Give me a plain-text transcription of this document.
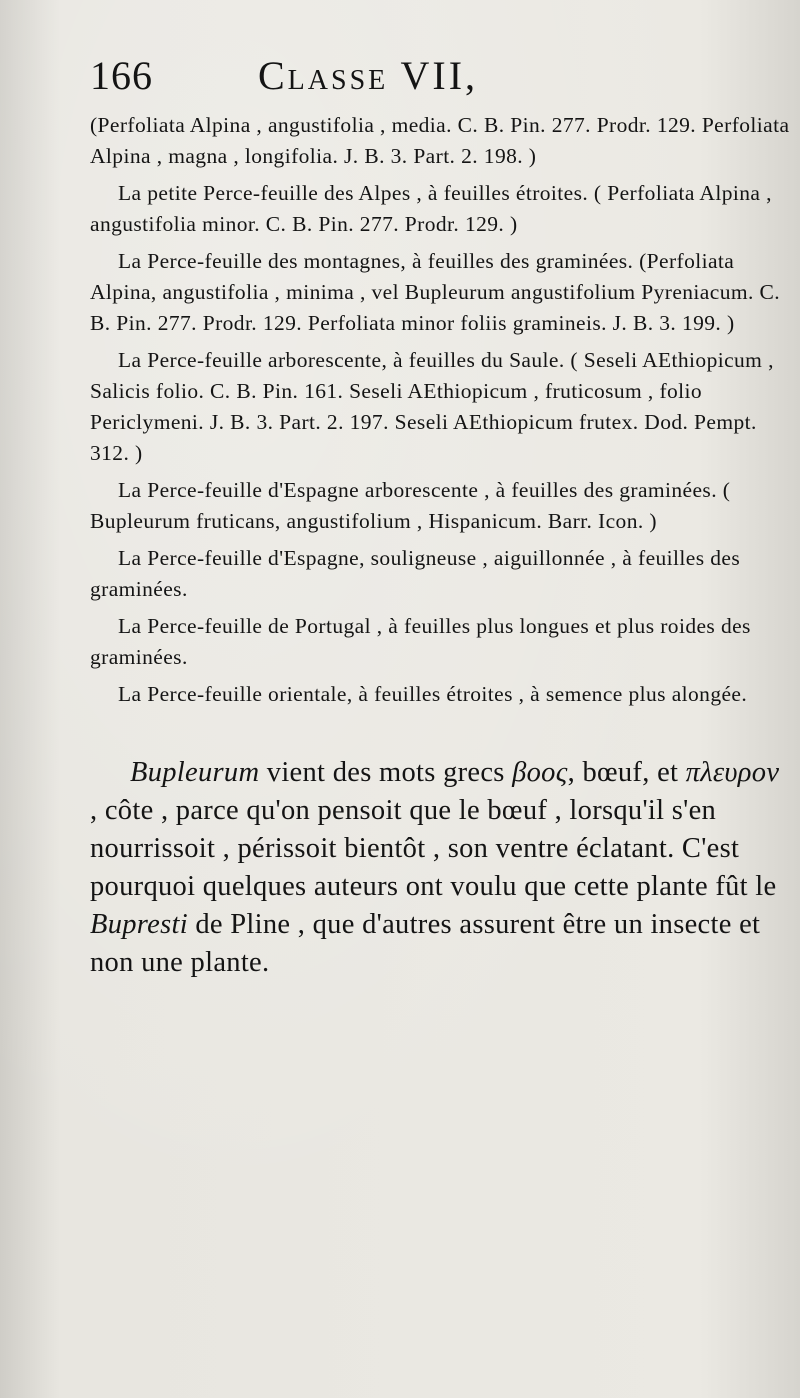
166	Classe VII,

(Perfoliata Alpina , angustifolia , media. C. B. Pin. 277. Prodr. 129. Perfoliata Alpina , magna , longifolia. J. B. 3. Part. 2. 198. )

La petite Perce-feuille des Alpes , à feuilles étroites. ( Perfoliata Alpina , angustifolia minor. C. B. Pin. 277. Prodr. 129. )

La Perce-feuille des montagnes, à feuilles des graminées. (Perfoliata Alpina, angustifolia , minima , vel Bupleurum angustifolium Pyreniacum. C. B. Pin. 277. Prodr. 129. Perfoliata minor foliis gramineis. J. B. 3. 199. )

La Perce-feuille arborescente, à feuilles du Saule. ( Seseli AEthiopicum , Salicis folio. C. B. Pin. 161. Seseli AEthiopicum , fruticosum , folio Periclymeni. J. B. 3. Part. 2. 197. Seseli AEthiopicum frutex. Dod. Pempt. 312. )

La Perce-feuille d'Espagne arborescente , à feuilles des graminées. ( Bupleurum fruticans, angustifolium , Hispanicum. Barr. Icon. )

La Perce-feuille d'Espagne, souligneuse , aiguillonnée , à feuilles des graminées.

La Perce-feuille de Portugal , à feuilles plus longues et plus roides des graminées.

La Perce-feuille orientale, à feuilles étroites , à semence plus alongée.

Bupleurum vient des mots grecs βοος, bœuf, et πλευρον , côte , parce qu'on pensoit que le bœuf , lorsqu'il s'en nourrissoit , périssoit bientôt , son ventre éclatant. C'est pourquoi quelques auteurs ont voulu que cette plante fût le Bupresti de Pline , que d'autres assurent être un insecte et non une plante.
